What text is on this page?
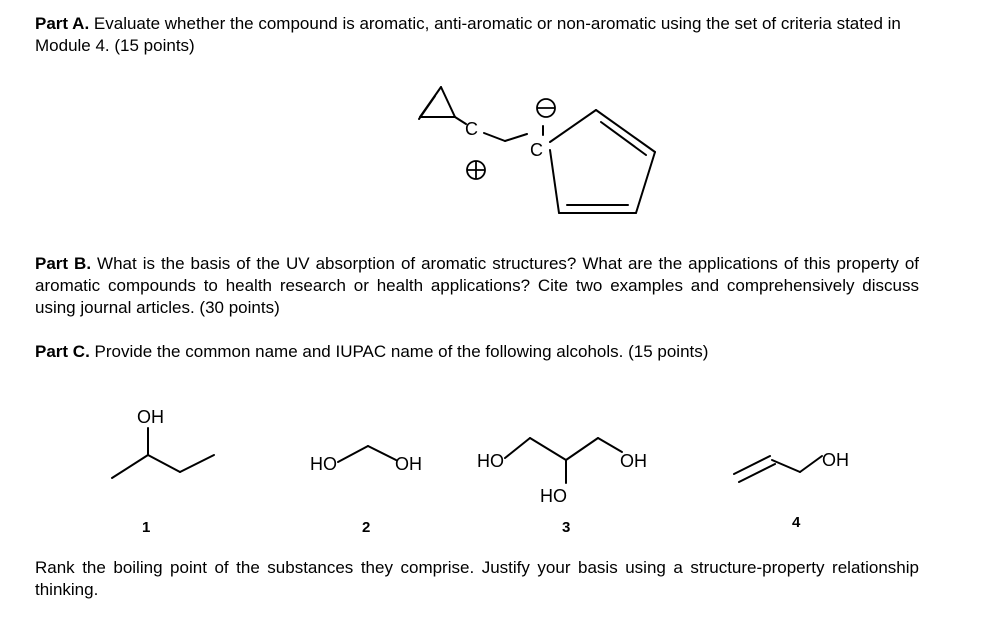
Part A. Evaluate whether the compound is aromatic, anti-aromatic or non-aromatic using the set of criteria stated in Module 4. (15 points)

Part B. What is the basis of the UV absorption of aromatic structures? What are the applications of this property of aromatic compounds to health research or health applications? Cite two examples and comprehensively discuss using journal articles. (30 points)

Part C. Provide the common name and IUPAC name of the following alcohols. (15 points)

Rank the boiling point of the substances they comprise. Justify your basis using a structure-property relationship thinking.

C
C
OH
1
HO	OH
2
HO	OH
HO
3
OH
4
